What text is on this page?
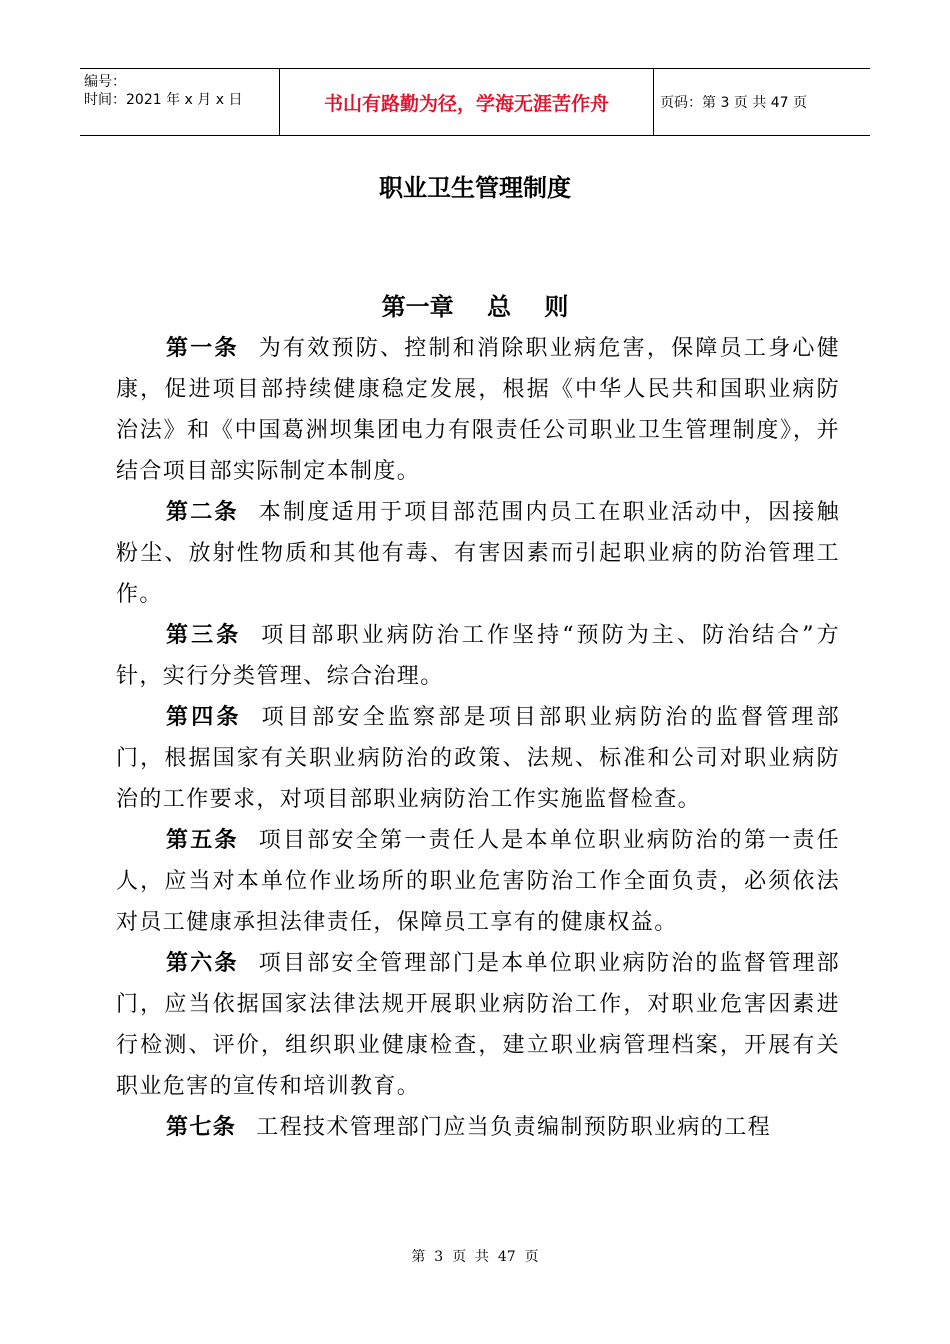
编号：
时间：2021 年 x 月 x 日	书山有路勤为径，学海无涯苦作舟	页码：第 3 页 共 47 页
职业卫生管理制度
第一章    总    则

第一条 为有效预防、控制和消除职业病危害，保障员工身心健康，促进项目部持续健康稳定发展，根据《中华人民共和国职业病防治法》和《中国葛洲坝集团电力有限责任公司职业卫生管理制度》，并结合项目部实际制定本制度。

第二条 本制度适用于项目部范围内员工在职业活动中，因接触粉尘、放射性物质和其他有毒、有害因素而引起职业病的防治管理工作。

第三条 项目部职业病防治工作坚持“预防为主、防治结合”方针，实行分类管理、综合治理。

第四条 项目部安全监察部是项目部职业病防治的监督管理部门，根据国家有关职业病防治的政策、法规、标准和公司对职业病防治的工作要求，对项目部职业病防治工作实施监督检查。

第五条 项目部安全第一责任人是本单位职业病防治的第一责任人，应当对本单位作业场所的职业危害防治工作全面负责，必须依法对员工健康承担法律责任，保障员工享有的健康权益。

第六条 项目部安全管理部门是本单位职业病防治的监督管理部门，应当依据国家法律法规开展职业病防治工作，对职业危害因素进行检测、评价，组织职业健康检查，建立职业病管理档案，开展有关职业危害的宣传和培训教育。

第七条 工程技术管理部门应当负责编制预防职业病的工程

第  3  页  共  47  页
